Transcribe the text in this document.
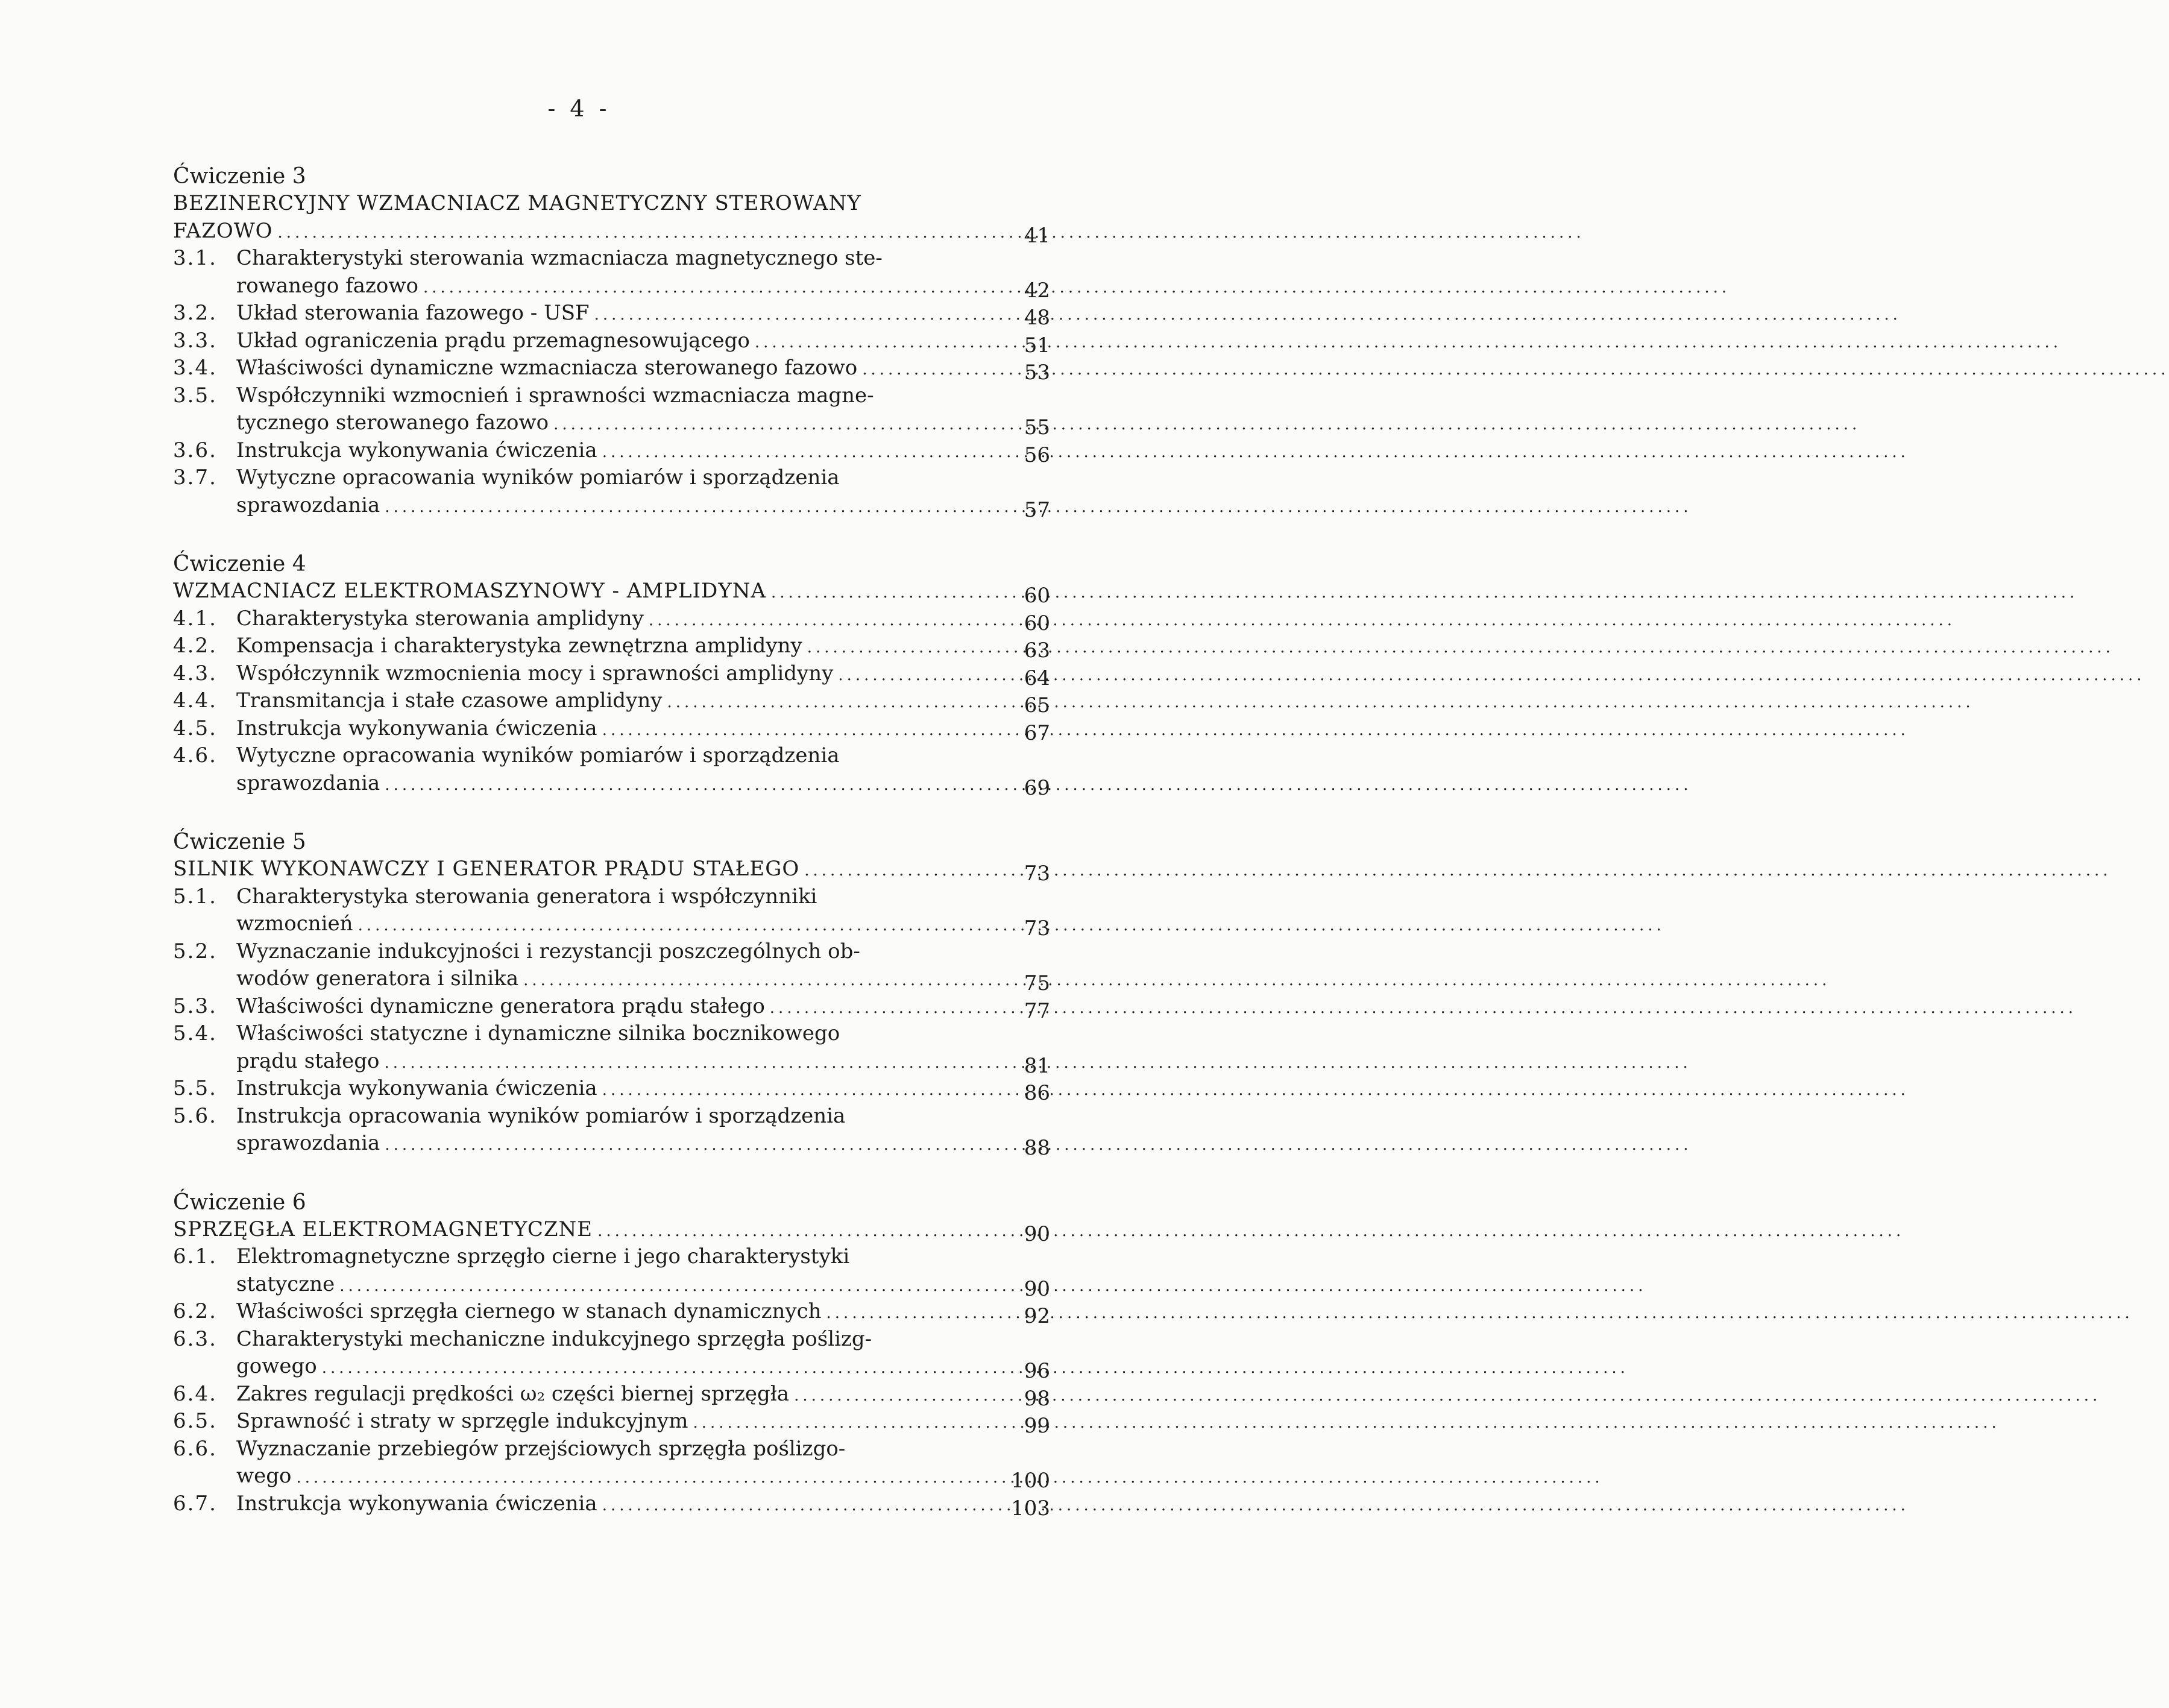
- 4 -
Ćwiczenie 3
BEZINERCYJNY WZMACNIACZ MAGNETYCZNY STEROWANY
FAZOWO .....	41
3.1. Charakterystyki sterowania wzmacniacza magnetycznego ste-
rowanego fazowo .....	42
3.2. Układ sterowania fazowego - USF .....	48
3.3. Układ ograniczenia prądu przemagnesowującego .....	51
3.4. Właściwości dynamiczne wzmacniacza sterowanego fazowo .....	53
3.5. Współczynniki wzmocnień i sprawności wzmacniacza magne-
tycznego sterowanego fazowo .....	55
3.6. Instrukcja wykonywania ćwiczenia .....	56
3.7. Wytyczne opracowania wyników pomiarów i sporządzenia
sprawozdania .....	57
Ćwiczenie 4
WZMACNIACZ ELEKTROMASZYNOWY - AMPLIDYNA .....	60
4.1. Charakterystyka sterowania amplidyny .....	60
4.2. Kompensacja i charakterystyka zewnętrzna amplidyny .....	63
4.3. Współczynnik wzmocnienia mocy i sprawności amplidyny .....	64
4.4. Transmitancja i stałe czasowe amplidyny .....	65
4.5. Instrukcja wykonywania ćwiczenia .....	67
4.6. Wytyczne opracowania wyników pomiarów i sporządzenia
sprawozdania .....	69
Ćwiczenie 5
SILNIK WYKONAWCZY I GENERATOR PRĄDU STAŁEGO .....	73
5.1. Charakterystyka sterowania generatora i współczynniki
wzmocnień .....	73
5.2. Wyznaczanie indukcyjności i rezystancji poszczególnych ob-
wodów generatora i silnika .....	75
5.3. Właściwości dynamiczne generatora prądu stałego .....	77
5.4. Właściwości statyczne i dynamiczne silnika bocznikowego
prądu stałego .....	81
5.5. Instrukcja wykonywania ćwiczenia .....	86
5.6. Instrukcja opracowania wyników pomiarów i sporządzenia
sprawozdania .....	88
Ćwiczenie 6
SPRZĘGŁA ELEKTROMAGNETYCZNE .....	90
6.1. Elektromagnetyczne sprzęgło cierne i jego charakterystyki
statyczne .....	90
6.2. Właściwości sprzęgła ciernego w stanach dynamicznych .....	92
6.3. Charakterystyki mechaniczne indukcyjnego sprzęgła poślizg-
gowego .....	96
6.4. Zakres regulacji prędkości ω₂ części biernej sprzęgła .....	98
6.5. Sprawność i straty w sprzęgle indukcyjnym .....	99
6.6. Wyznaczanie przebiegów przejściowych sprzęgła poślizgo-
wego .....	100
6.7. Instrukcja wykonywania ćwiczenia .....	103
